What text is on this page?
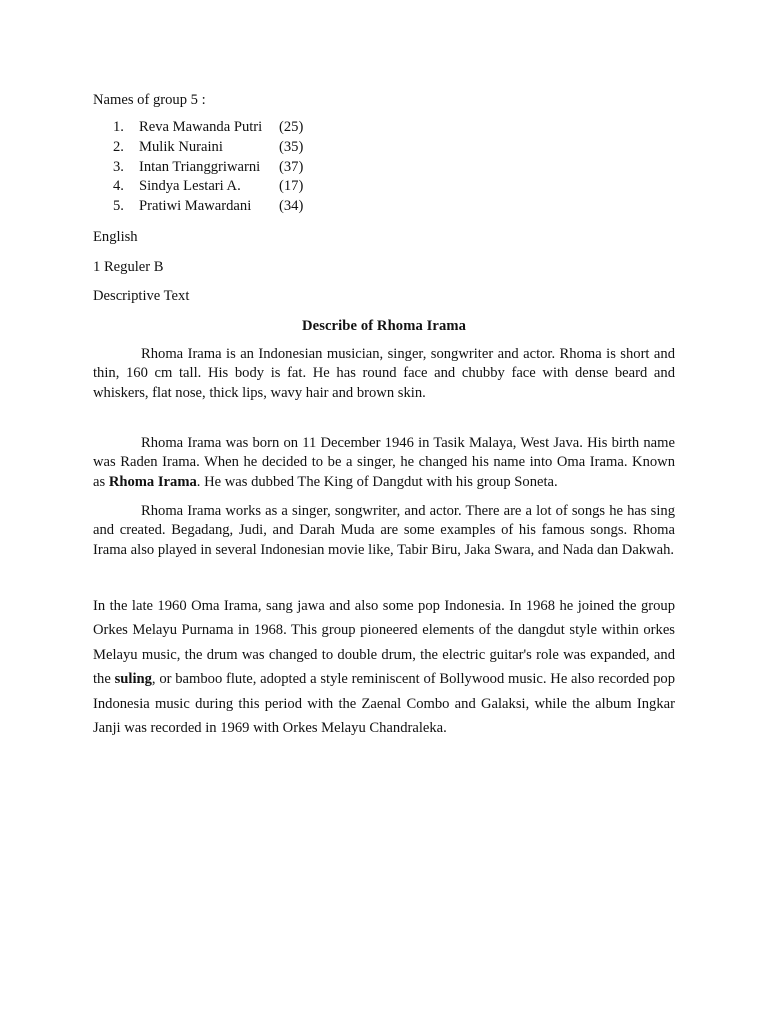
Names of group 5 :
1.	Reva Mawanda Putri (25)
2.	Mulik Nuraini	(35)
3.	Intan Trianggriwarni (37)
4.	Sindya Lestari A.	(17)
5.	Pratiwi Mawardani (34)
English
1 Reguler B
Descriptive Text
Describe of Rhoma Irama

Rhoma Irama is an Indonesian musician, singer, songwriter and actor. Rhoma is short and thin, 160 cm tall. His body is fat. He has round face and chubby face with dense beard and whiskers, flat nose, thick lips, wavy hair and brown skin.

Rhoma Irama was born on 11 December 1946 in Tasik Malaya, West Java. His birth name was Raden Irama. When he decided to be a singer, he changed his name into Oma Irama. Known as Rhoma Irama. He was dubbed The King of Dangdut with his group Soneta.

Rhoma Irama works as a singer, songwriter, and actor. There are a lot of songs he has sing and created. Begadang, Judi, and Darah Muda are some examples of his famous songs. Rhoma Irama also played in several Indonesian movie like, Tabir Biru, Jaka Swara, and Nada dan Dakwah.

In the late 1960 Oma Irama, sang jawa and also some pop Indonesia. In 1968 he joined the group Orkes Melayu Purnama in 1968. This group pioneered elements of the dangdut style within orkes Melayu music, the drum was changed to double drum, the electric guitar's role was expanded, and the suling, or bamboo flute, adopted a style reminiscent of Bollywood music. He also recorded pop Indonesia music during this period with the Zaenal Combo and Galaksi, while the album Ingkar Janji was recorded in 1969 with Orkes Melayu Chandraleka.
